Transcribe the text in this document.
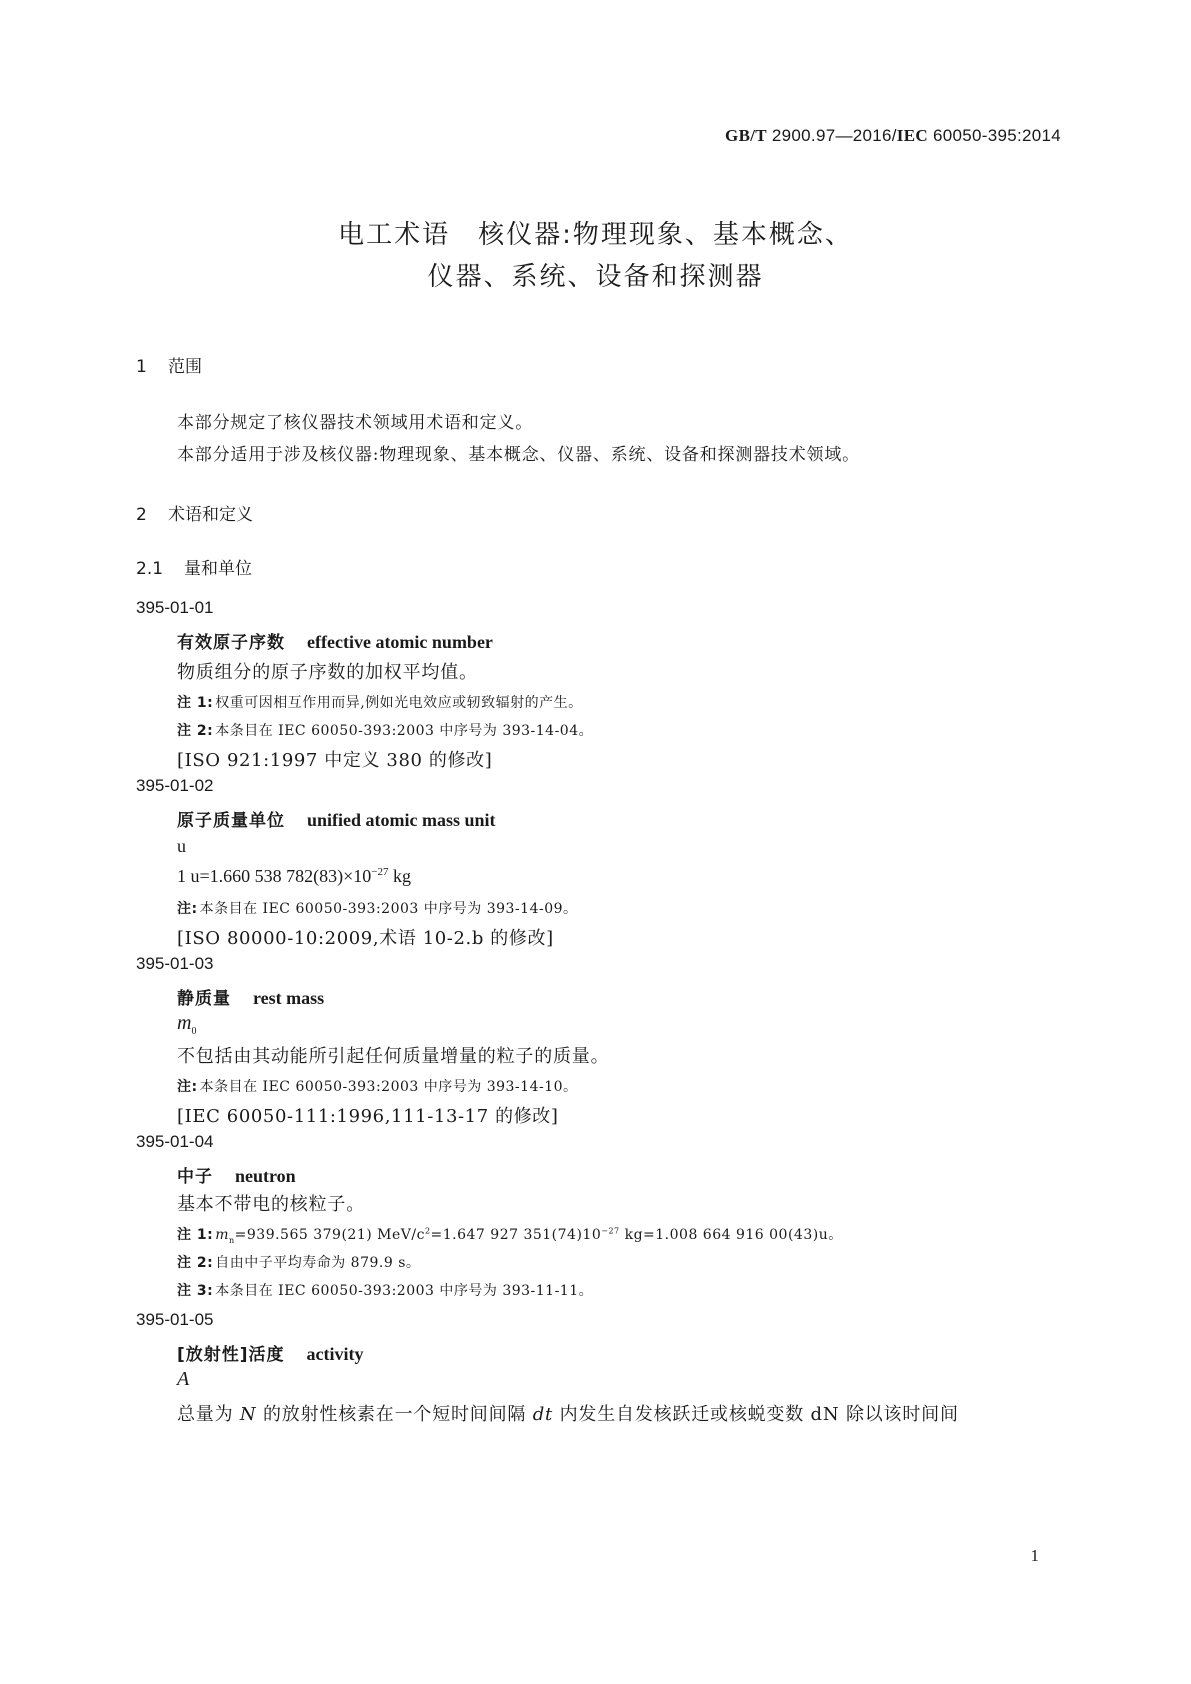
GB/T 2900.97—2016/IEC 60050-395:2014
电工术语　核仪器:物理现象、基本概念、
仪器、系统、设备和探测器
1 范围
本部分规定了核仪器技术领域用术语和定义。
本部分适用于涉及核仪器:物理现象、基本概念、仪器、系统、设备和探测器技术领域。
2 术语和定义
2.1 量和单位
395-01-01
有效原子序数 effective atomic number
物质组分的原子序数的加权平均值。
注 1: 权重可因相互作用而异,例如光电效应或轫致辐射的产生。
注 2: 本条目在 IEC 60050-393:2003 中序号为 393-14-04。
[ISO 921:1997 中定义 380 的修改]
395-01-02
原子质量单位 unified atomic mass unit
u
1 u=1.660 538 $782(83)\times 10^{-27}$ kg
注: 本条目在 IEC 60050-393:2003 中序号为 393-14-09。
[ISO 80000-10:2009,术语 10-2.b 的修改]
395-01-03
静质量 rest mass
$m_0$
不包括由其动能所引起任何质量增量的粒子的质量。
注: 本条目在 IEC 60050-393:2003 中序号为 393-14-10。
[IEC 60050-111:1996,111-13-17 的修改]
395-01-04
中子 neutron
基本不带电的核粒子。
注 1: $m_n=939.565$ 379(21) MeV/$c^2=1.647$ 927 $351(74)10^{-27}$ kg=1.008 664 916 00(43)u。
注 2: 自由中子平均寿命为 879.9 s。
注 3: 本条目在 IEC 60050-393:2003 中序号为 393-11-11。
395-01-05
[放射性]活度 activity
A
总量为 N 的放射性核素在一个短时间间隔 dt 内发生自发核跃迁或核蜕变数 dN 除以该时间间
1
